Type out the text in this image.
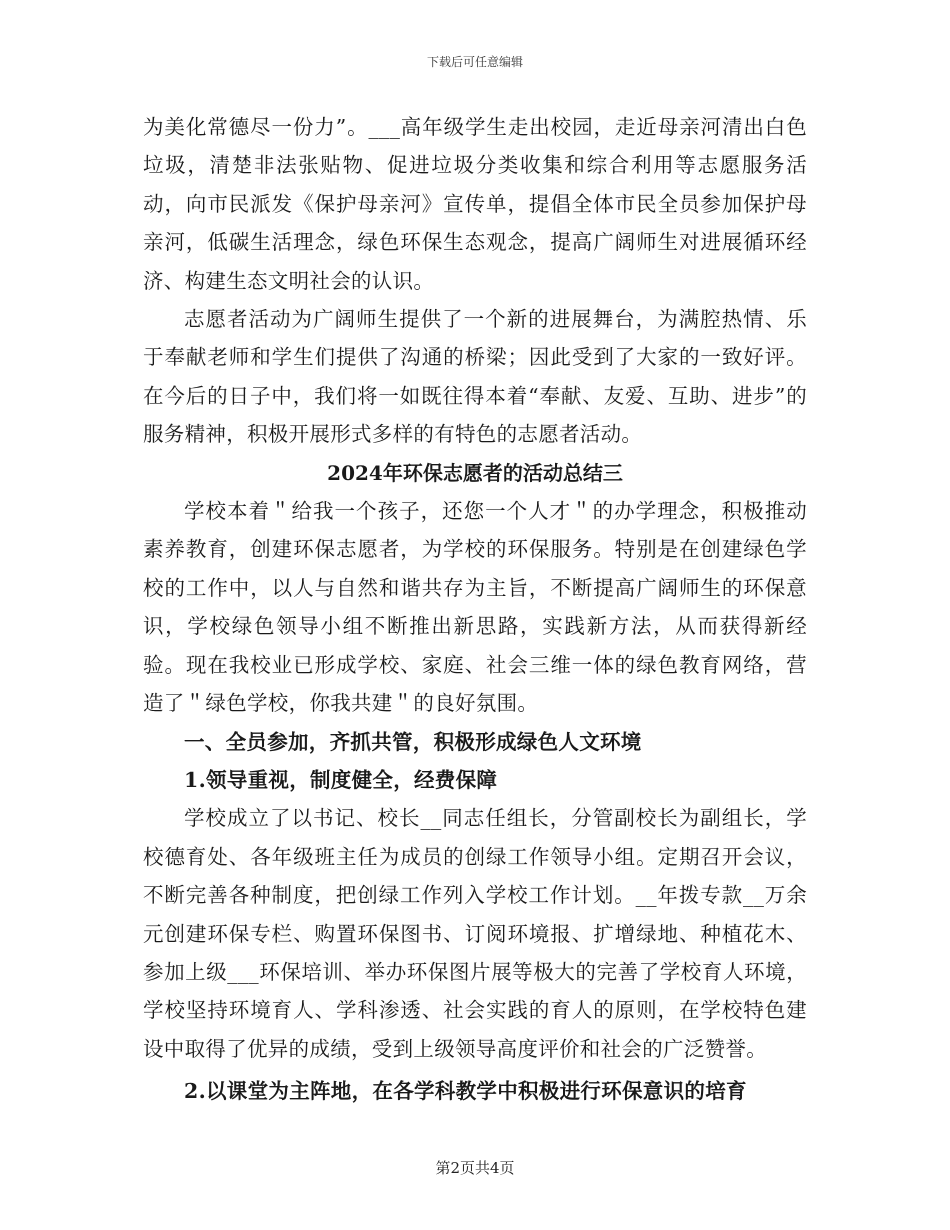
下载后可任意编辑

为美化常德尽一份力”。___高年级学生走出校园，走近母亲河清出白色垃圾，清楚非法张贴物、促进垃圾分类收集和综合利用等志愿服务活动，向市民派发《保护母亲河》宣传单，提倡全体市民全员参加保护母亲河，低碳生活理念，绿色环保生态观念，提高广阔师生对进展循环经济、构建生态文明社会的认识。

志愿者活动为广阔师生提供了一个新的进展舞台，为满腔热情、乐于奉献老师和学生们提供了沟通的桥梁；因此受到了大家的一致好评。在今后的日子中，我们将一如既往得本着“奉献、友爱、互助、进步”的服务精神，积极开展形式多样的有特色的志愿者活动。

2024年环保志愿者的活动总结三

学校本着＂给我一个孩子，还您一个人才＂的办学理念，积极推动素养教育，创建环保志愿者，为学校的环保服务。特别是在创建绿色学校的工作中，以人与自然和谐共存为主旨，不断提高广阔师生的环保意识，学校绿色领导小组不断推出新思路，实践新方法，从而获得新经验。现在我校业已形成学校、家庭、社会三维一体的绿色教育网络，营造了＂绿色学校，你我共建＂的良好氛围。

一、全员参加，齐抓共管，积极形成绿色人文环境

1.领导重视，制度健全，经费保障

学校成立了以书记、校长__同志任组长，分管副校长为副组长，学校德育处、各年级班主任为成员的创绿工作领导小组。定期召开会议，不断完善各种制度，把创绿工作列入学校工作计划。__年拨专款__万余元创建环保专栏、购置环保图书、订阅环境报、扩增绿地、种植花木、参加上级___环保培训、举办环保图片展等极大的完善了学校育人环境，学校坚持环境育人、学科渗透、社会实践的育人的原则，在学校特色建设中取得了优异的成绩，受到上级领导高度评价和社会的广泛赞誉。

2.以课堂为主阵地，在各学科教学中积极进行环保意识的培育

第2页共4页
